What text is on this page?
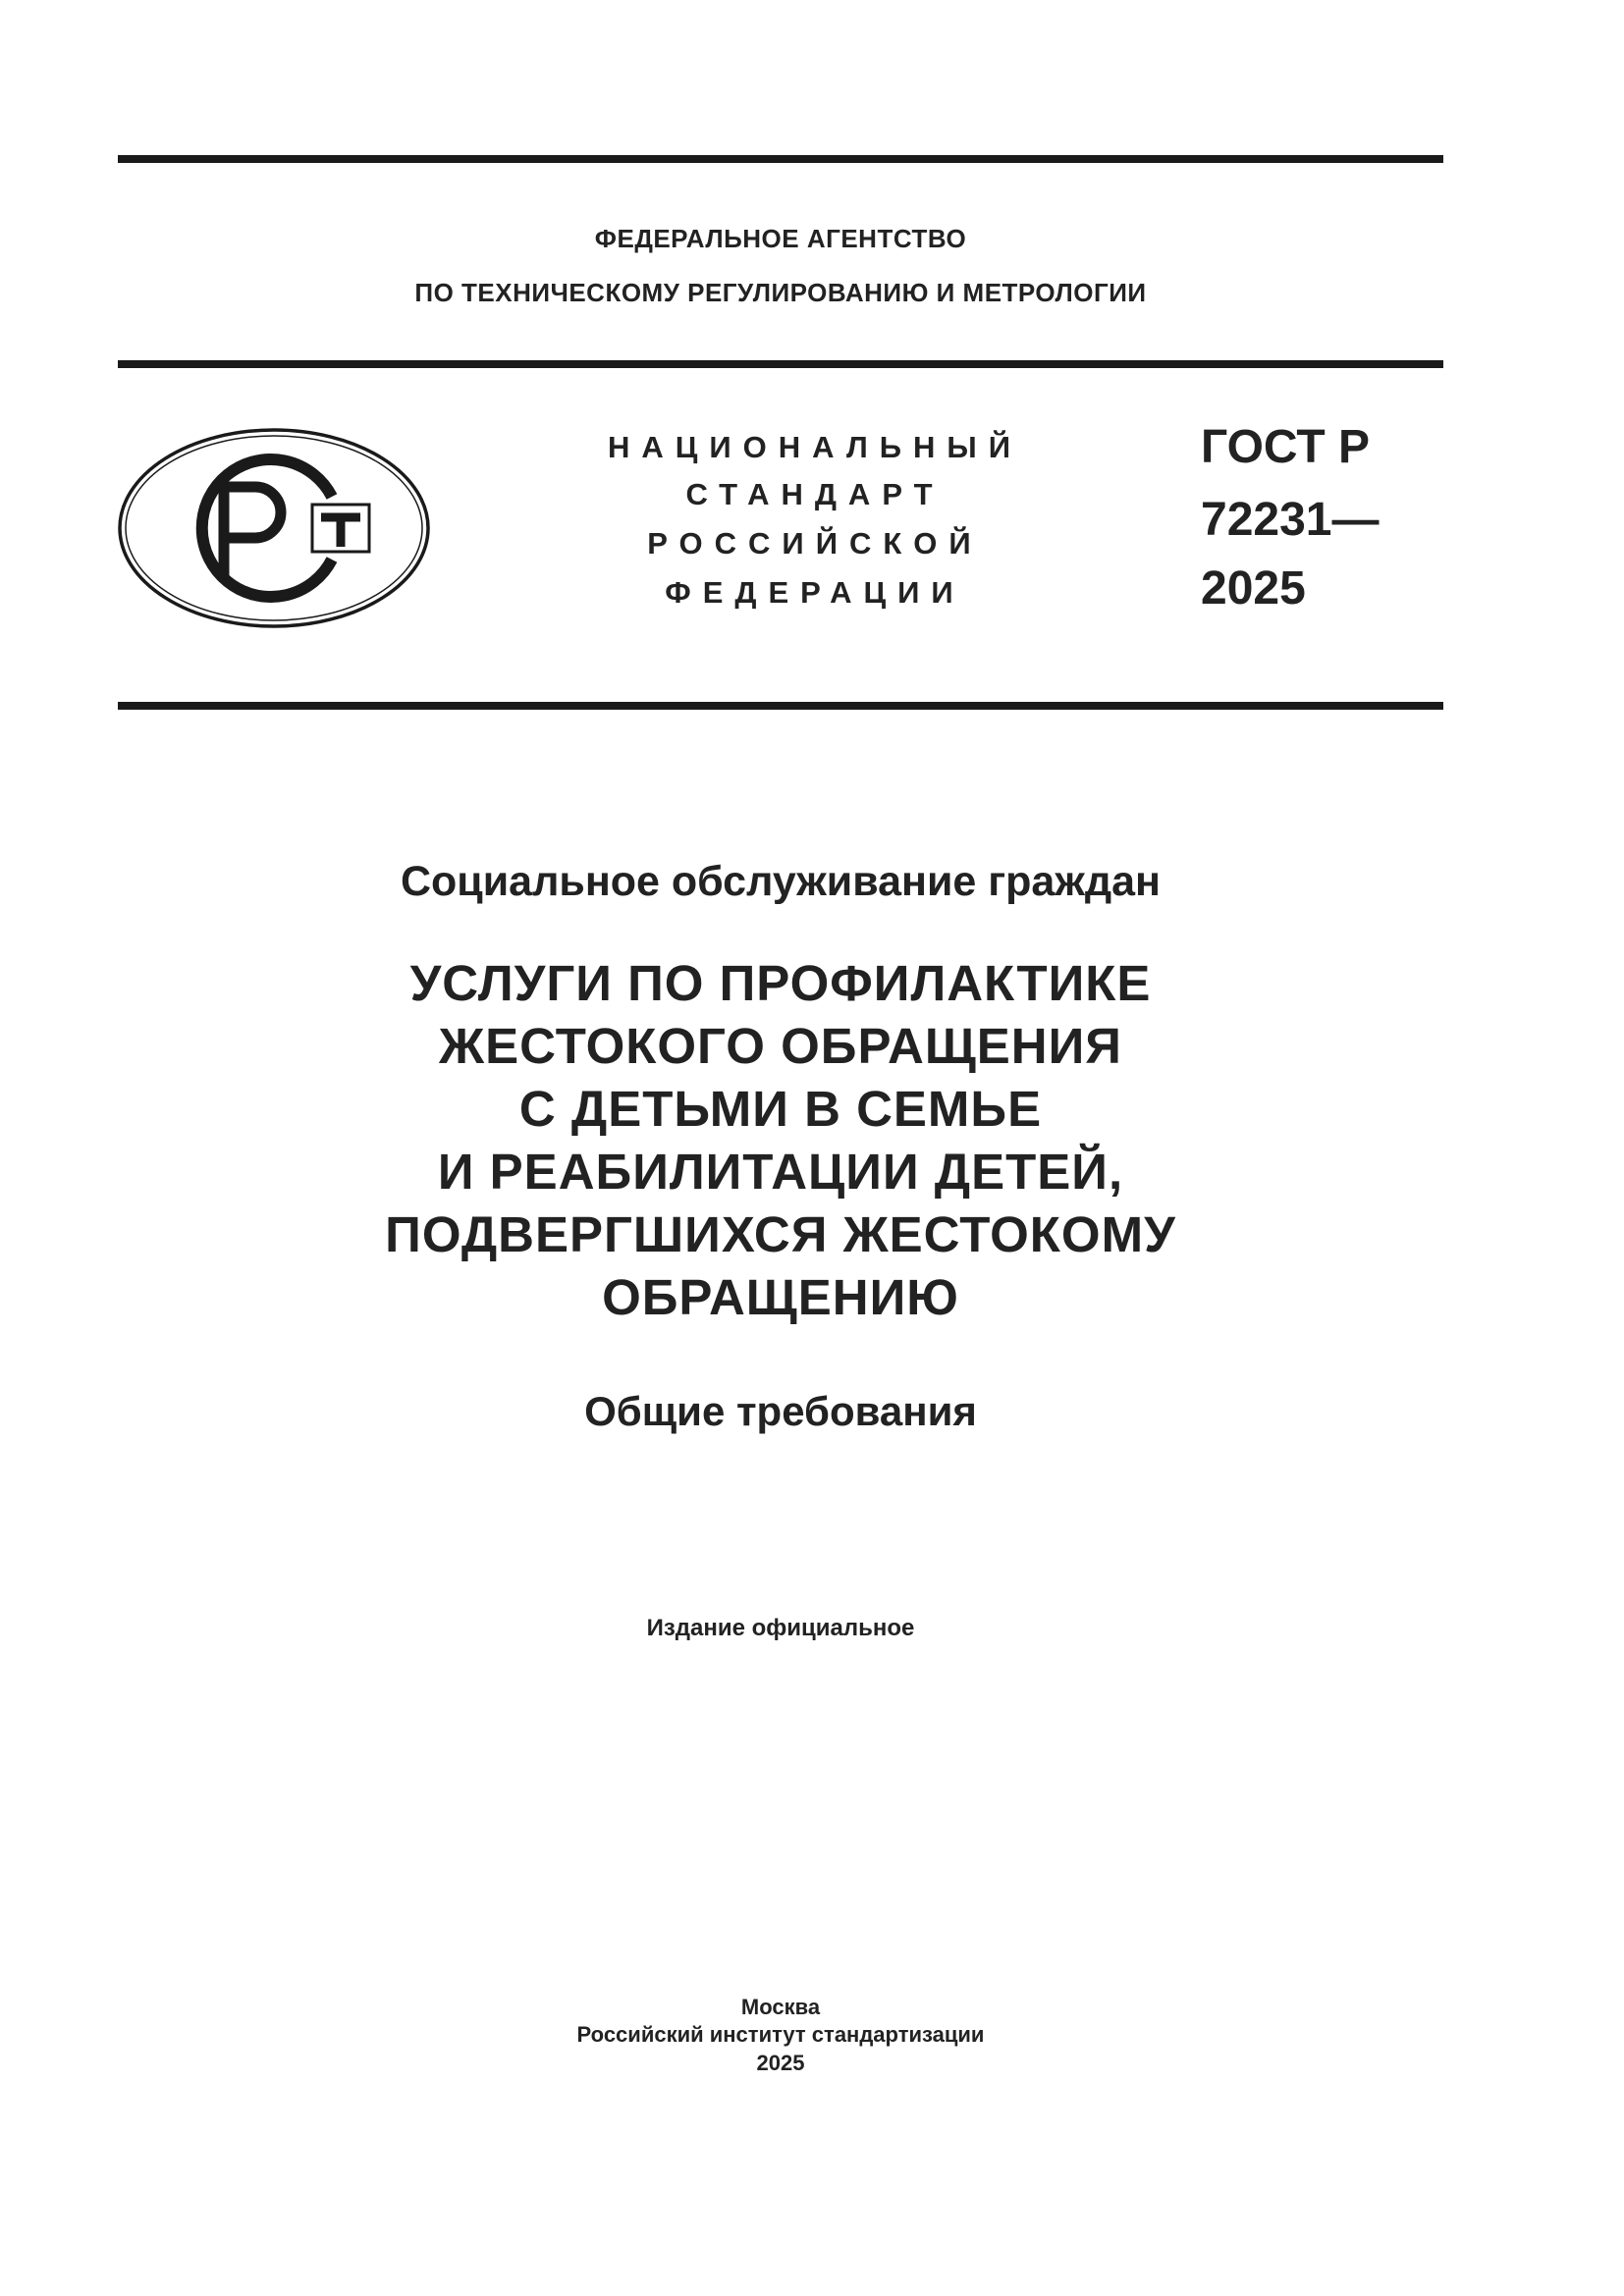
ФЕДЕРАЛЬНОЕ АГЕНТСТВО
ПО ТЕХНИЧЕСКОМУ РЕГУЛИРОВАНИЮ И МЕТРОЛОГИИ
НАЦИОНАЛЬНЫЙ
СТАНДАРТ
РОССИЙСКОЙ
ФЕДЕРАЦИИ
ГОСТ Р
72231—
2025
Социальное обслуживание граждан
УСЛУГИ ПО ПРОФИЛАКТИКЕ
ЖЕСТОКОГО ОБРАЩЕНИЯ
С ДЕТЬМИ В СЕМЬЕ
И РЕАБИЛИТАЦИИ ДЕТЕЙ,
ПОДВЕРГШИХСЯ ЖЕСТОКОМУ
ОБРАЩЕНИЮ
Общие требования
Издание официальное
Москва
Российский институт стандартизации
2025
